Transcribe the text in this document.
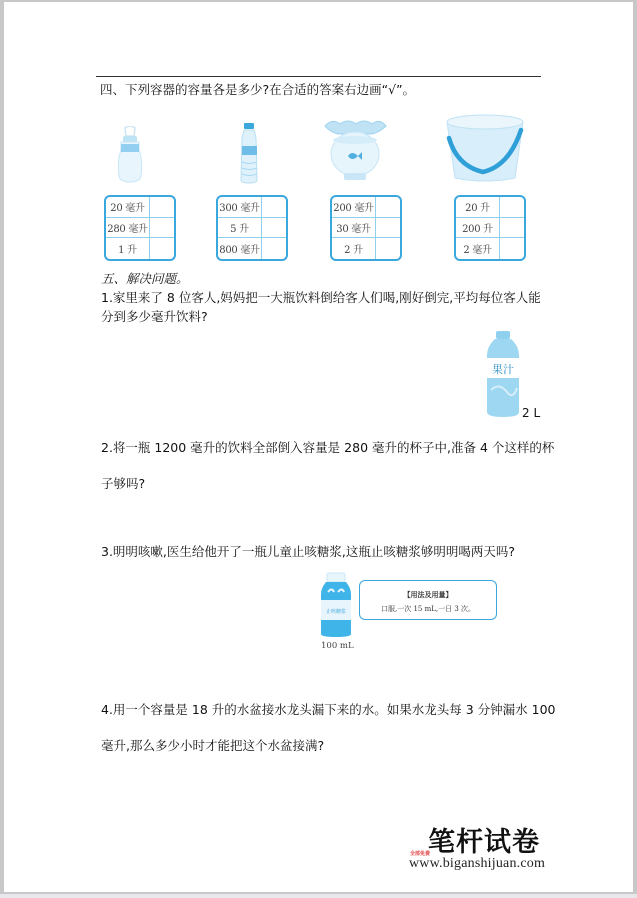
四、下列容器的容量各是多少?在合适的答案右边画“√”。
20 毫升
280 毫升
1 升
300 毫升
5 升
800 毫升
200 毫升
30 毫升
2 升
20 升
200 升
2 毫升
五、解决问题。
1.家里来了 8 位客人,妈妈把一大瓶饮料倒给客人们喝,刚好倒完,平均每位客人能
分到多少毫升饮料?
果汁
2 L
2.将一瓶 1200 毫升的饮料全部倒入容量是 280 毫升的杯子中,准备 4 个这样的杯
子够吗?
3.明明咳嗽,医生给他开了一瓶儿童止咳糖浆,这瓶止咳糖浆够明明喝两天吗?
止咳糖浆
100 mL
【用法及用量】
口服,一次 15 mL,一日 3 次。
4.用一个容量是 18 升的水盆接水龙头漏下来的水。如果水龙头每 3 分钟漏水 100
毫升,那么多少小时才能把这个水盆接满?
笔杆试卷
全部免费
www.biganshijuan.com
